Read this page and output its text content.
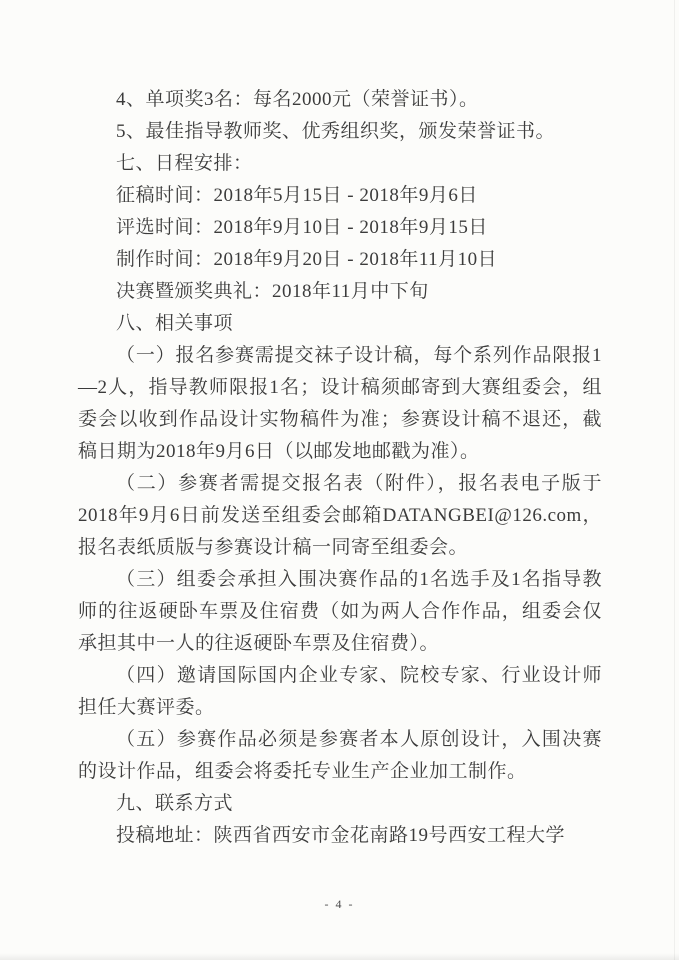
4、单项奖3名：每名2000元（荣誉证书）。

5、最佳指导教师奖、优秀组织奖，颁发荣誉证书。

七、日程安排：

征稿时间：2018年5月15日 - 2018年9月6日

评选时间：2018年9月10日 - 2018年9月15日

制作时间：2018年9月20日 - 2018年11月10日

决赛暨颁奖典礼：2018年11月中下旬

八、相关事项

（一）报名参赛需提交袜子设计稿，每个系列作品限报1—2人，指导教师限报1名；设计稿须邮寄到大赛组委会，组委会以收到作品设计实物稿件为准；参赛设计稿不退还，截稿日期为2018年9月6日（以邮发地邮戳为准）。

（二）参赛者需提交报名表（附件），报名表电子版于2018年9月6日前发送至组委会邮箱DATANGBEI@126.com，报名表纸质版与参赛设计稿一同寄至组委会。

（三）组委会承担入围决赛作品的1名选手及1名指导教师的往返硬卧车票及住宿费（如为两人合作作品，组委会仅承担其中一人的往返硬卧车票及住宿费）。

（四）邀请国际国内企业专家、院校专家、行业设计师担任大赛评委。

（五）参赛作品必须是参赛者本人原创设计，入围决赛的设计作品，组委会将委托专业生产企业加工制作。

九、联系方式

投稿地址：陕西省西安市金花南路19号西安工程大学

- 4 -
